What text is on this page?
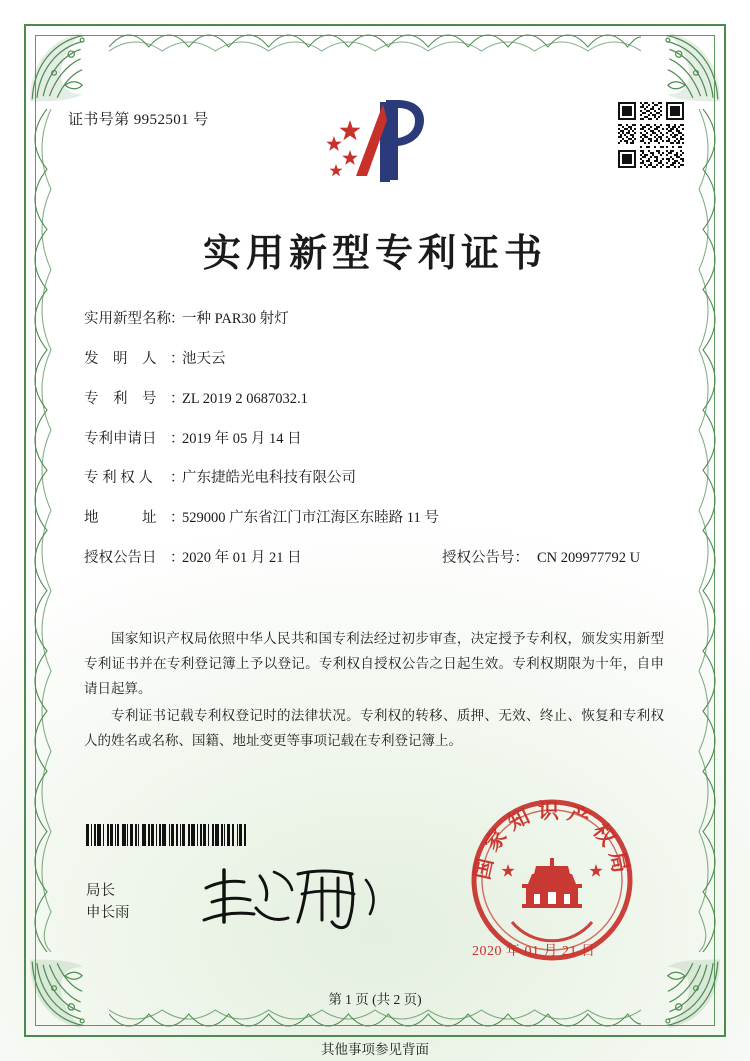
证书号第 9952501 号
实用新型专利证书
实用新型名称 ：
一种 PAR30 射灯
发　明　人 ：
池天云
专　利　号 ：
ZL 2019 2 0687032.1
专利申请日 ：
2019 年 05 月 14 日
专 利 权 人	：
广东捷皓光电科技有限公司
地　　　址 ：
529000 广东省江门市江海区东睦路 11 号
授权公告日 ：
2020 年 01 月 21 日	授权公告号： CN 209977792 U

国家知识产权局依照中华人民共和国专利法经过初步审查，决定授予专利权，颁发实用新型专利证书并在专利登记簿上予以登记。专利权自授权公告之日起生效。专利权期限为十年，自申请日起算。

专利证书记载专利权登记时的法律状况。专利权的转移、质押、无效、终止、恢复和专利权人的姓名或名称、国籍、地址变更等事项记载在专利登记簿上。

局长
申长雨
国家知识产权局
2020 年 01 月 21 日
第 1 页 (共 2 页)
其他事项参见背面
